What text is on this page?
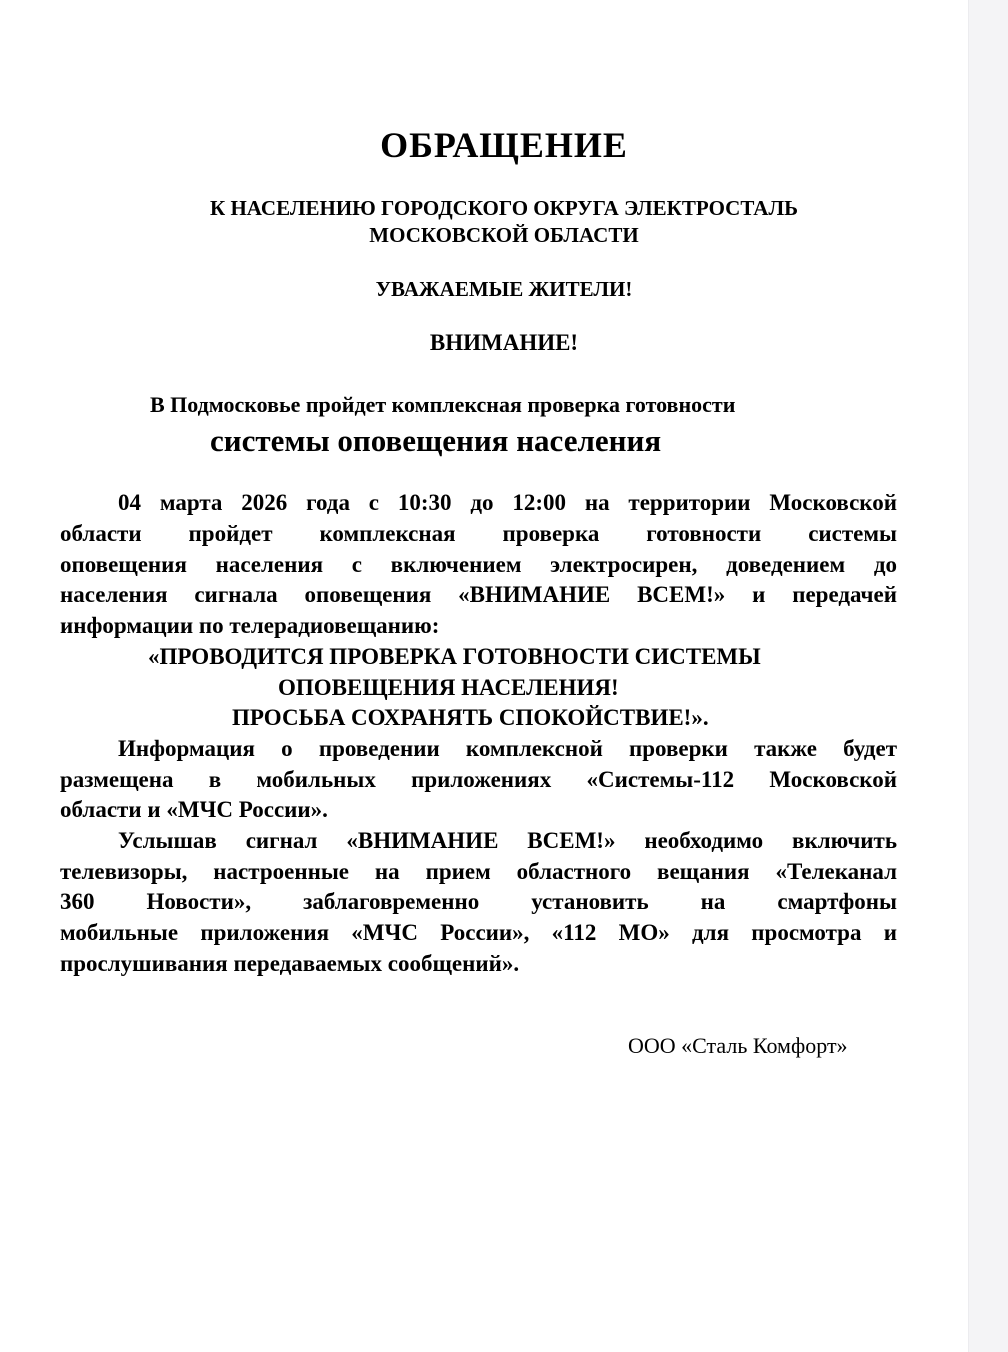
ОБРАЩЕНИЕ
К НАСЕЛЕНИЮ ГОРОДСКОГО ОКРУГА ЭЛЕКТРОСТАЛЬ
МОСКОВСКОЙ ОБЛАСТИ
УВАЖАЕМЫЕ ЖИТЕЛИ!
ВНИМАНИЕ!
В Подмосковье пройдет комплексная проверка готовности
системы оповещения населения
04 марта 2026 года с 10:30 до 12:00 на территории Московской
области пройдет комплексная проверка готовности системы
оповещения населения с включением электросирен, доведением до
населения сигнала оповещения «ВНИМАНИЕ ВСЕМ!» и передачей
информации по телерадиовещанию:
«ПРОВОДИТСЯ ПРОВЕРКА ГОТОВНОСТИ СИСТЕМЫ
ОПОВЕЩЕНИЯ НАСЕЛЕНИЯ!
ПРОСЬБА СОХРАНЯТЬ СПОКОЙСТВИЕ!».
Информация о проведении комплексной проверки также будет
размещена в мобильных приложениях «Системы-112 Московской
области и «МЧС России».
Услышав сигнал «ВНИМАНИЕ ВСЕМ!» необходимо включить
телевизоры, настроенные на прием областного вещания «Телеканал
360 Новости», заблаговременно установить на смартфоны
мобильные приложения «МЧС России», «112 МО» для просмотра и
прослушивания передаваемых сообщений».
ООО «Сталь Комфорт»
